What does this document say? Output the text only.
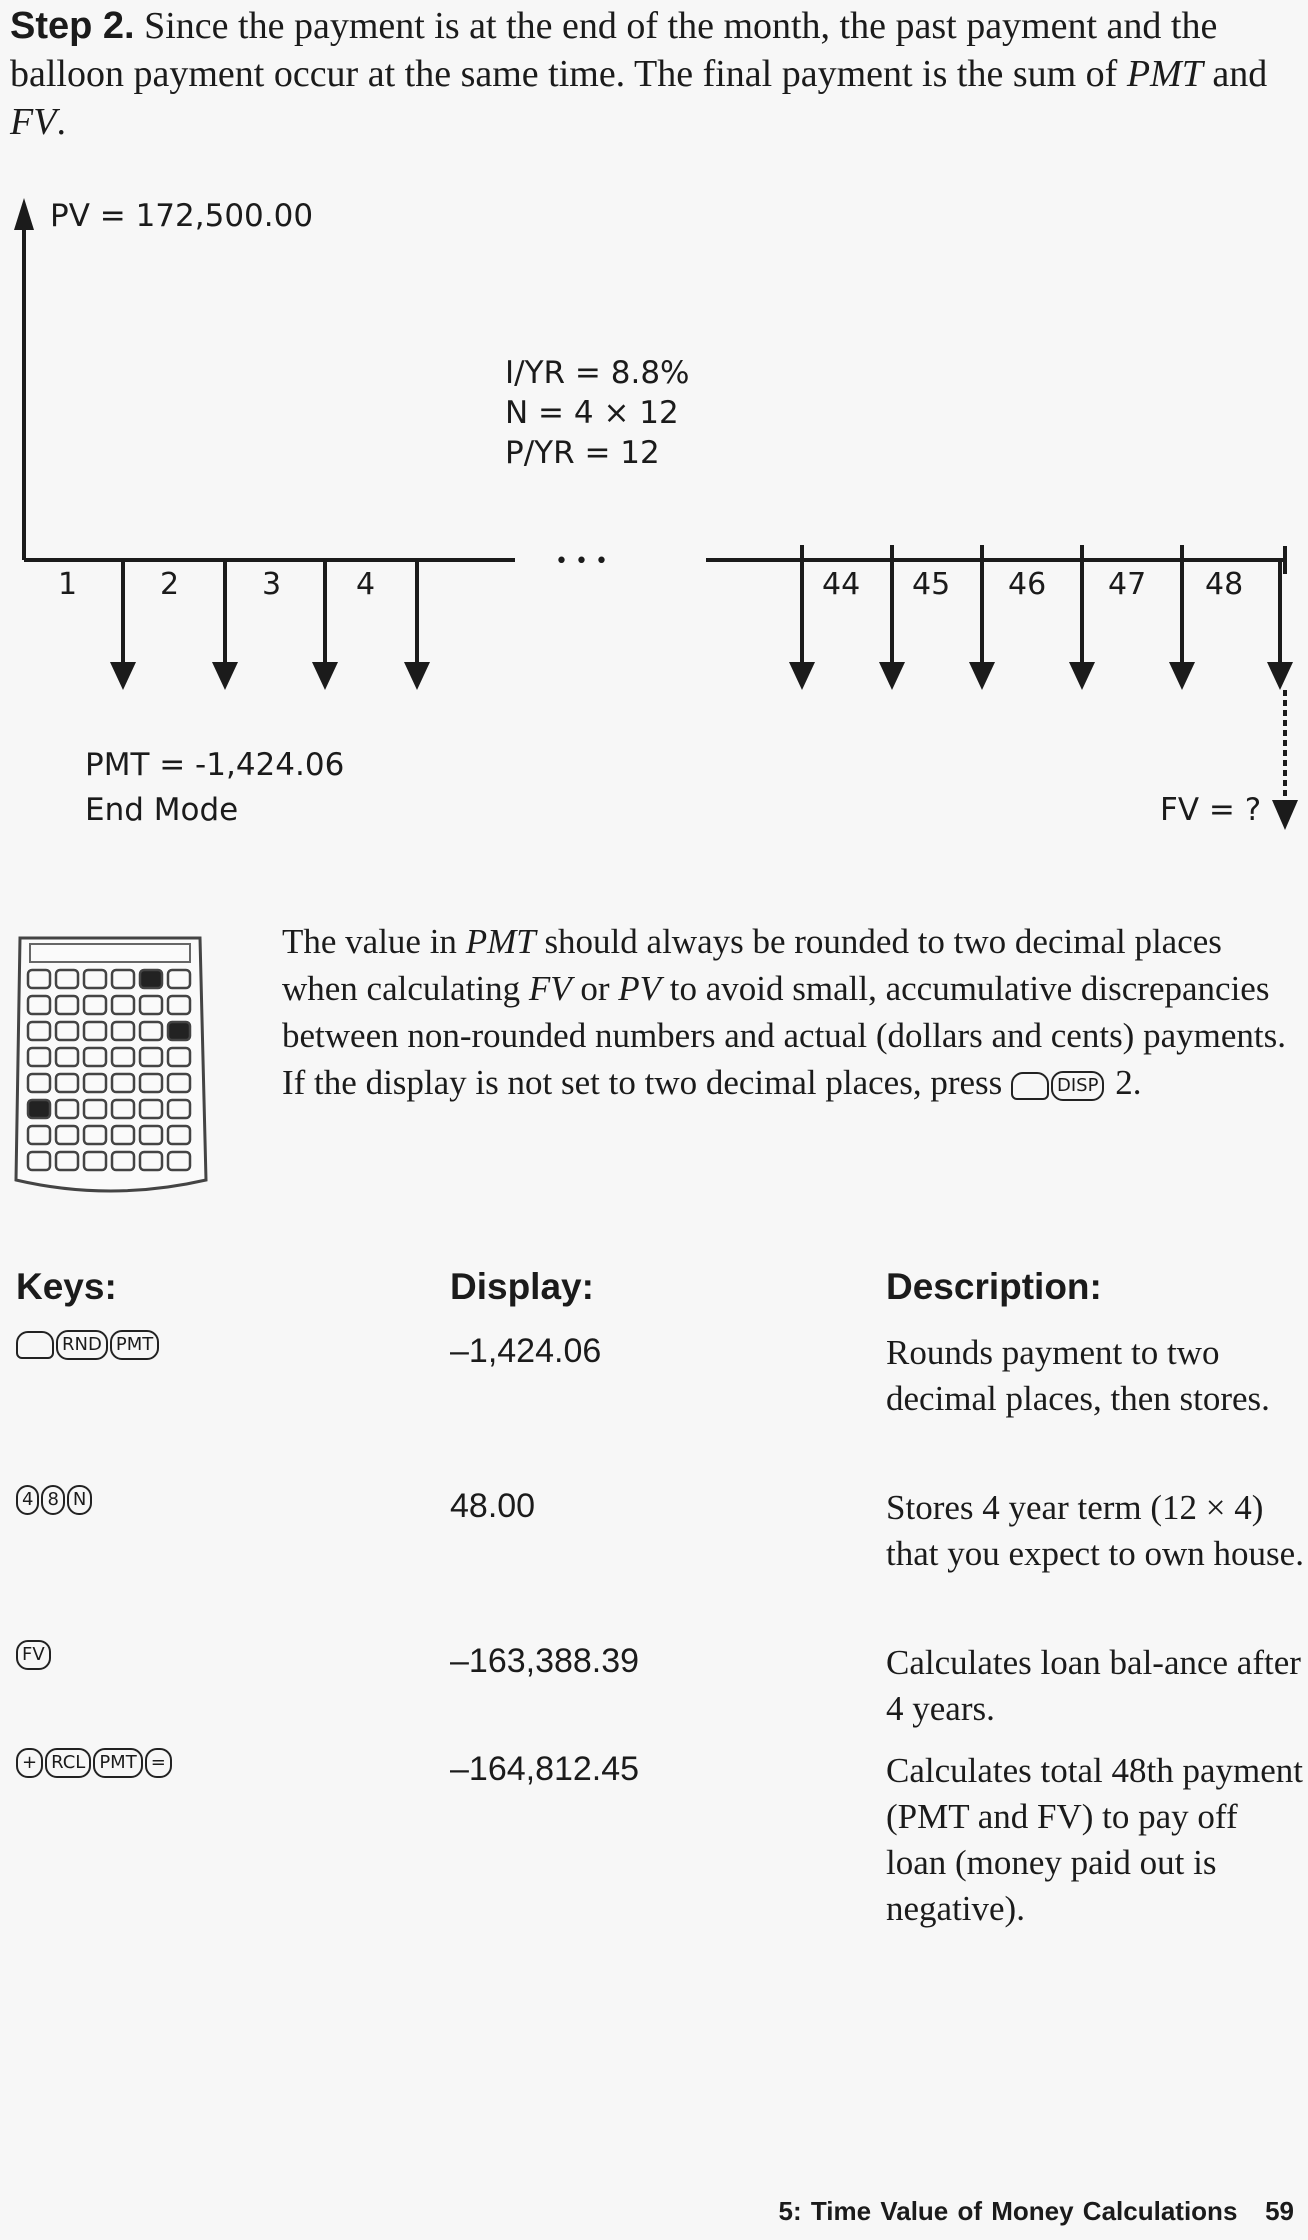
Step 2. Since the payment is at the end of the month, the past payment and the balloon payment occur at the same time. The final payment is the sum of PMT and FV.
PV = 172,500.00
I/YR = 8.8%
N = 4 × 12
P/YR = 12
• • •
1	2	3 4	44 45 46 47 48
PMT = -1,424.06
End Mode	FV = ?
The value in PMT should always be rounded to two decimal places when calculating FV or PV to avoid small, accumulative discrepancies between non-rounded numbers and actual (dollars and cents) payments. If the display is not set to two decimal places, press	DISP 2.
Keys:	Display:	Description:
RND PMT	–1,424.06	Rounds payment to two decimal places, then stores.
4 8 N	48.00	Stores 4 year term (12 × 4) that you expect to own house.
FV	–163,388.39	Calculates loan bal-ance after 4 years.
+ RCL PMT =	–164,812.45	Calculates total 48th payment (PMT and FV) to pay off loan (money paid out is negative).
5: Time Value of Money Calculations 59
